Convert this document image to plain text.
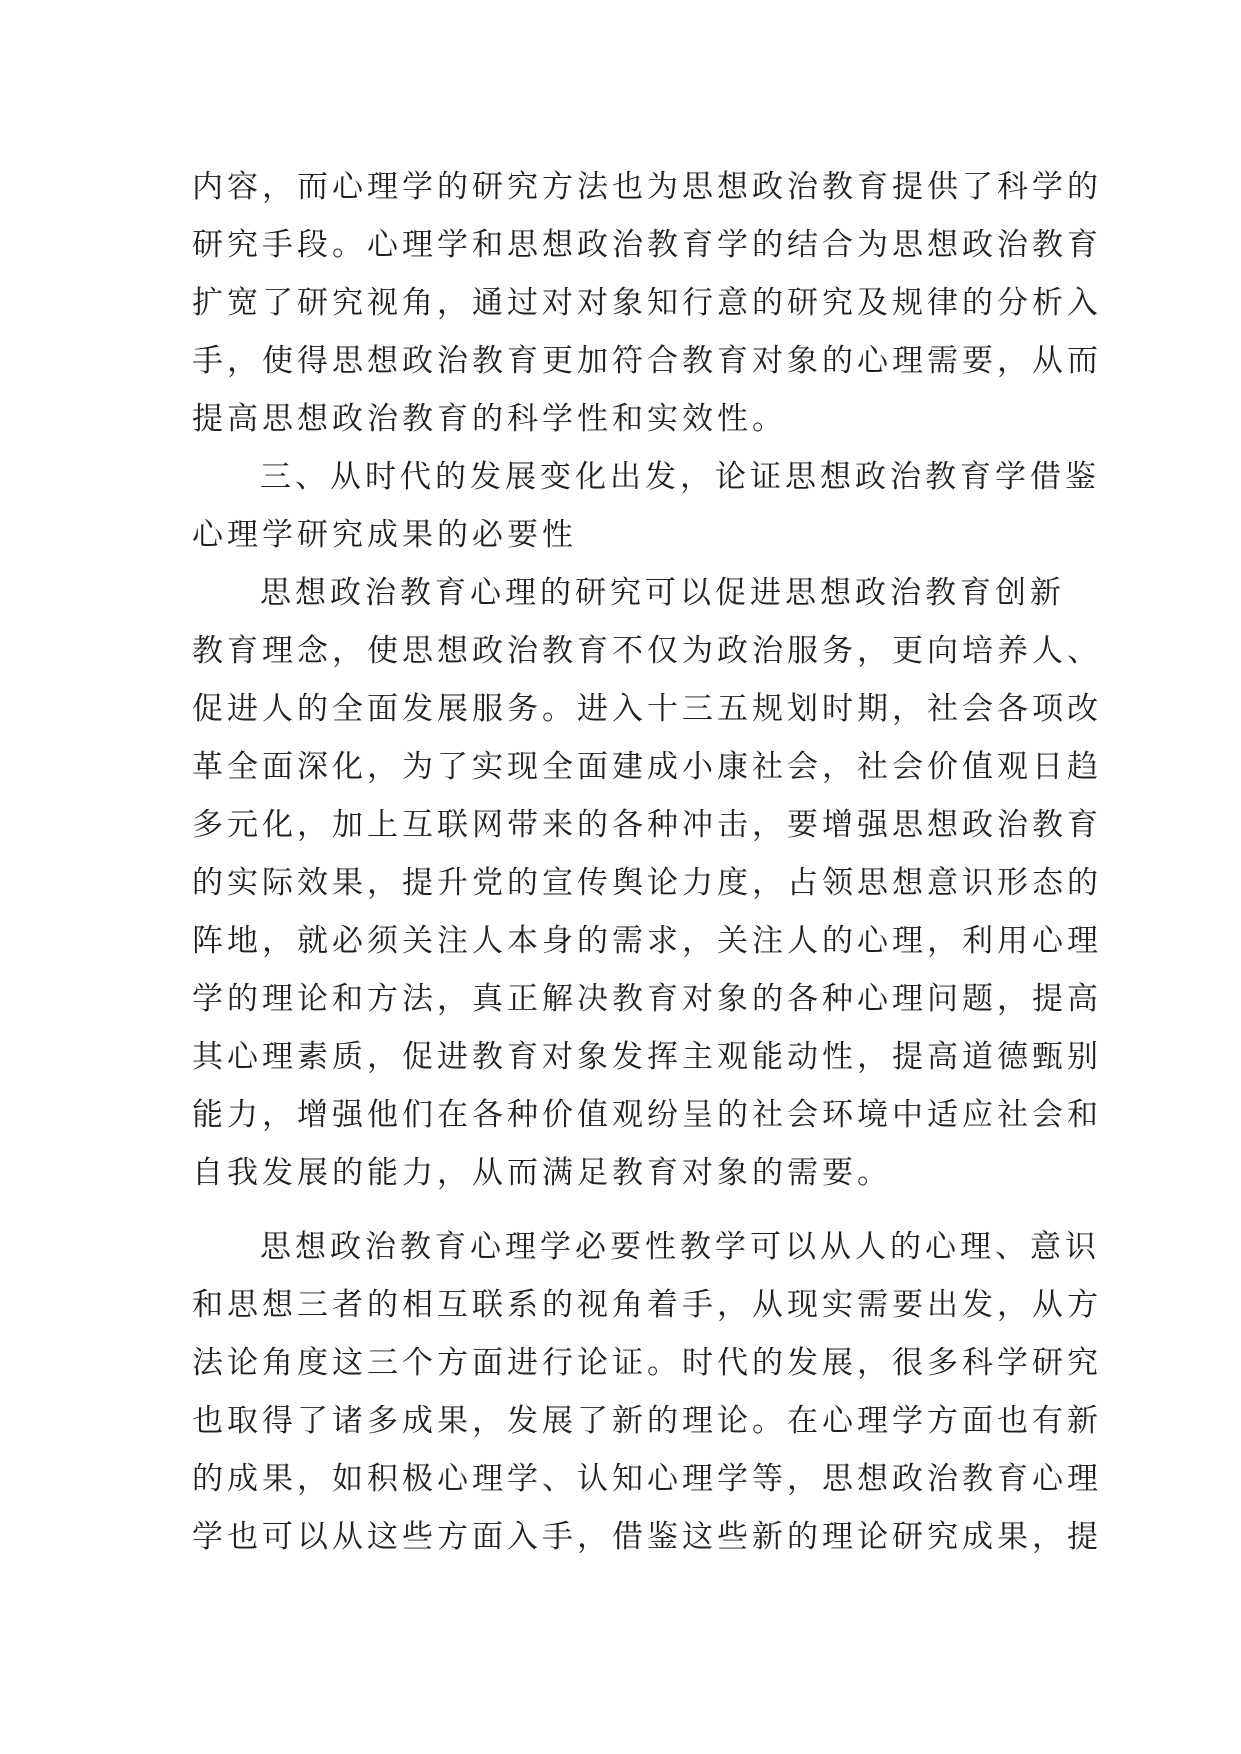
内容，而心理学的研究方法也为思想政治教育提供了科学的
研究手段。心理学和思想政治教育学的结合为思想政治教育
扩宽了研究视角，通过对对象知行意的研究及规律的分析入
手，使得思想政治教育更加符合教育对象的心理需要，从而
提高思想政治教育的科学性和实效性。
三、从时代的发展变化出发，论证思想政治教育学借鉴
心理学研究成果的必要性
思想政治教育心理的研究可以促进思想政治教育创新
教育理念，使思想政治教育不仅为政治服务，更向培养人、
促进人的全面发展服务。进入十三五规划时期，社会各项改
革全面深化，为了实现全面建成小康社会，社会价值观日趋
多元化，加上互联网带来的各种冲击，要增强思想政治教育
的实际效果，提升党的宣传舆论力度，占领思想意识形态的
阵地，就必须关注人本身的需求，关注人的心理，利用心理
学的理论和方法，真正解决教育对象的各种心理问题，提高
其心理素质，促进教育对象发挥主观能动性，提高道德甄别
能力，增强他们在各种价值观纷呈的社会环境中适应社会和
自我发展的能力，从而满足教育对象的需要。
思想政治教育心理学必要性教学可以从人的心理、意识
和思想三者的相互联系的视角着手，从现实需要出发，从方
法论角度这三个方面进行论证。时代的发展，很多科学研究
也取得了诸多成果，发展了新的理论。在心理学方面也有新
的成果，如积极心理学、认知心理学等，思想政治教育心理
学也可以从这些方面入手，借鉴这些新的理论研究成果，提
